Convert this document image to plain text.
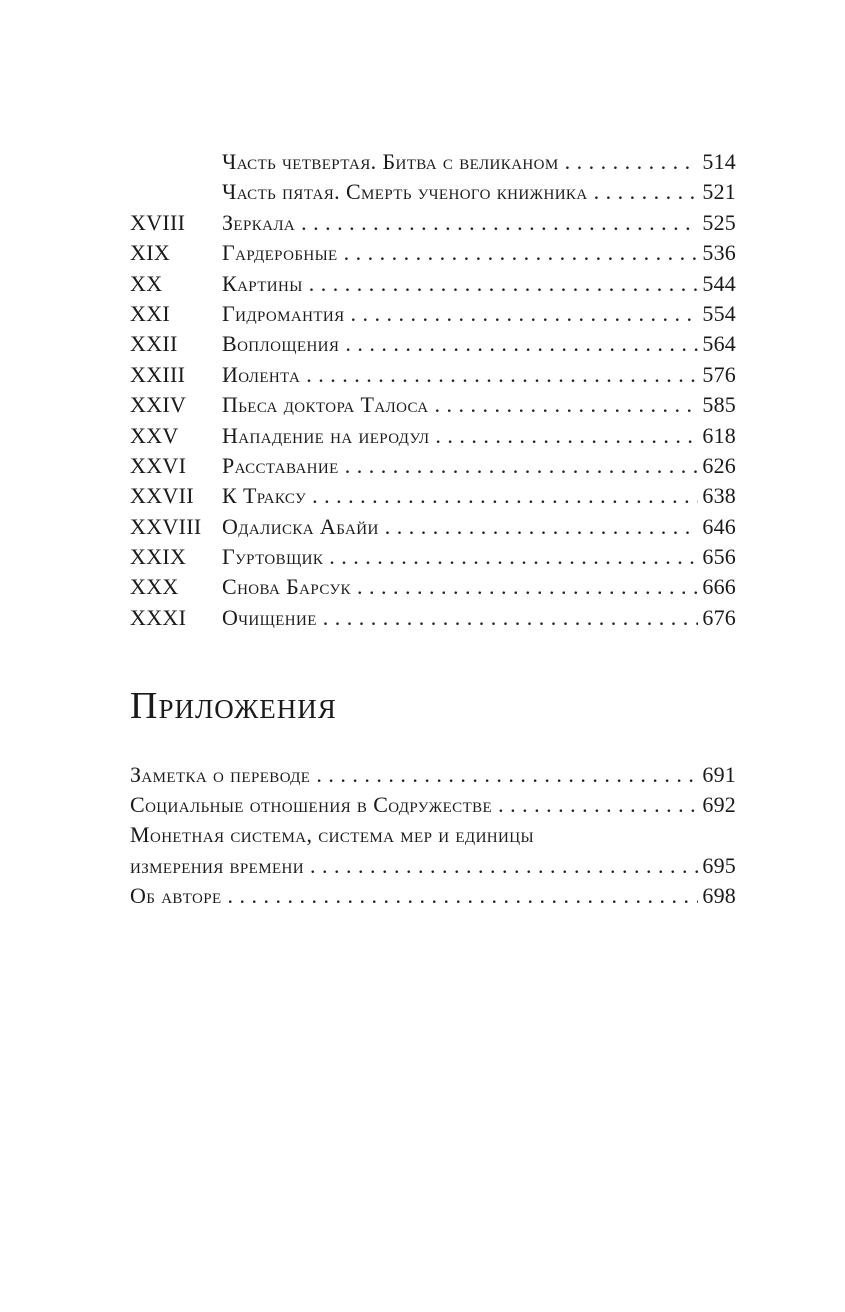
Часть четвертая. Битва с великаном . . .	514
Часть пятая. Смерть ученого книжника . . .	521
XVIII	Зеркала . . .	525
XIX	Гардеробные . . .	536
XX	Картины . . .	544
XXI	Гидромантия . . .	554
XXII	Воплощения . . .	564
XXIII	Иолента . . .	576
XXIV	Пьеса доктора Талоса . . .	585
XXV	Нападение на иеродул . . .	618
XXVI	Расставание . . .	626
XXVII	К Траксу . . .	638
XXVIII Одалиска Абайи . . .	646
XXIX	Гуртовщик . . .	656
XXX	Снова Барсук . . .	666
XXXI	Очищение . . .	676
Приложения
Заметка о переводе . . .	691
Социальные отношения в Содружестве . . .	692
Монетная система, система мер и единицы
измерения времени . . .	695
Об авторе . . .	698
